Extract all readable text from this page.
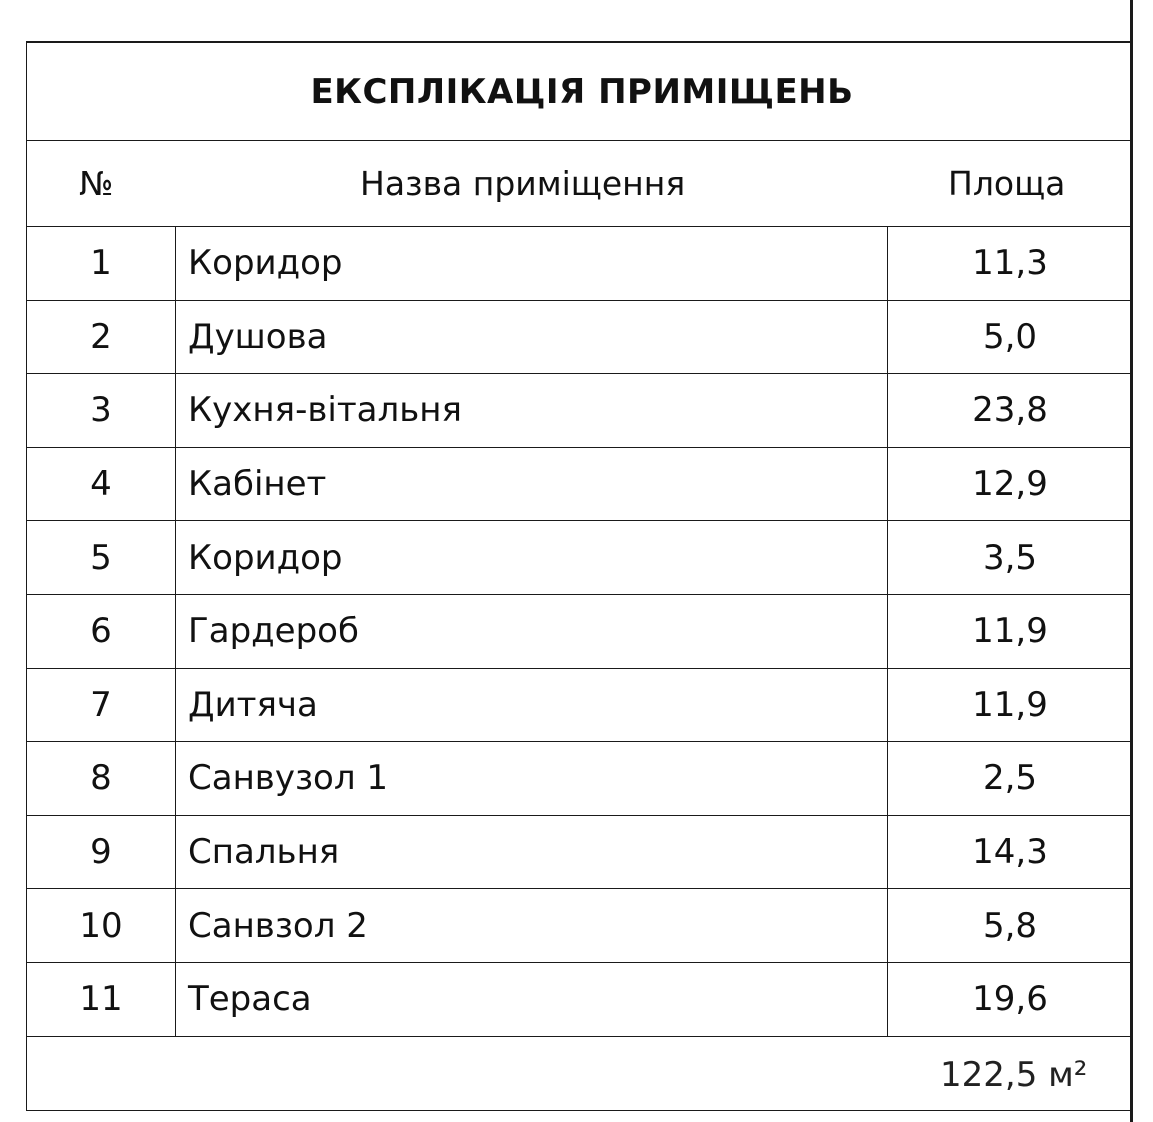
ЕКСПЛІКАЦІЯ ПРИМІЩЕНЬ
№	Назва приміщення	Площа
1	Коридор	11,3
2	Душова	5,0
3	Кухня-вітальня	23,8
4	Кабінет	12,9
5	Коридор	3,5
6	Гардероб	11,9
7	Дитяча	11,9
8	Санвузол 1	2,5
9	Спальня	14,3
10	Санвзол 2	5,8
11	Тераса	19,6
122,5 м²
